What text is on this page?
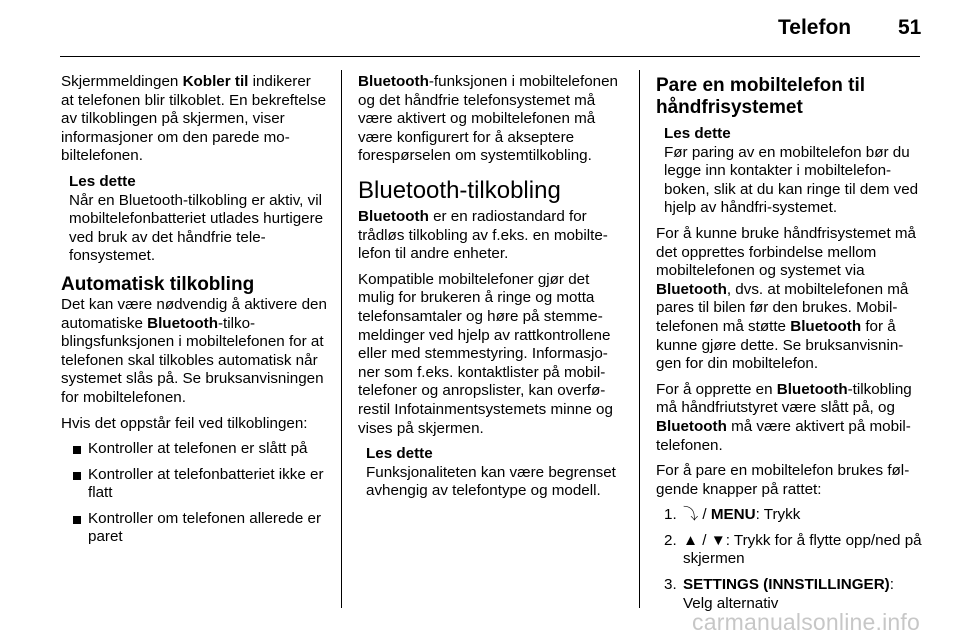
Telefon 51

Skjermmeldingen Kobler til indikerer at telefonen blir tilkoblet. En bekreftelse av tilkoblingen på skjermen, viser informasjoner om den parede mobiltelefonen.

Les dette
Når en Bluetooth-tilkobling er aktiv, vil mobiltelefonbatteriet utlades hurtigere ved bruk av det håndfrie telefonsystemet.
Automatisk tilkobling

Det kan være nødvendig å aktivere den automatiske Bluetooth-tilkoblingsfunksjonen i mobiltelefonen for at telefonen skal tilkobles automatisk når systemet slås på. Se bruksanvisningen for mobiltelefonen.

Hvis det oppstår feil ved tilkoblingen:

Kontroller at telefonen er slått på
Kontroller at telefonbatteriet ikke er flatt
Kontroller om telefonen allerede er paret

Bluetooth-funksjonen i mobiltelefonen og det håndfrie telefonsystemet må være aktivert og mobiltelefonen må være konfigurert for å akseptere forespørselen om systemtilkobling.

Bluetooth-tilkobling

Bluetooth er en radiostandard for trådløs tilkobling av f.eks. en mobiltelefon til andre enheter.

Kompatible mobiltelefoner gjør det mulig for brukeren å ringe og motta telefonsamtaler og høre på stemmemeldinger ved hjelp av rattkontrollene eller med stemmestyring. Informasjoner som f.eks. kontaktlister på mobiltelefoner og anropslister, kan overførestil Infotainmentsystemets minne og vises på skjermen.

Les dette
Funksjonaliteten kan være begrenset avhengig av telefontype og modell.
Pare en mobiltelefon til håndfrisystemet
Les dette
Før paring av en mobiltelefon bør du legge inn kontakter i mobiltelefonboken, slik at du kan ringe til dem ved hjelp av håndfri-systemet.

For å kunne bruke håndfrisystemet må det opprettes forbindelse mellom mobiltelefonen og systemet via Bluetooth, dvs. at mobiltelefonen må pares til bilen før den brukes. Mobiltelefonen må støtte Bluetooth for å kunne gjøre dette. Se bruksanvisningen for din mobiltelefon.

For å opprette en Bluetooth-tilkobling må håndfriutstyret være slått på, og Bluetooth må være aktivert på mobiltelefonen.

For å pare en mobiltelefon brukes følgende knapper på rattet:

1. ⤵ / MENU: Trykk
2. ▲ / ▼: Trykk for å flytte opp/ned på skjermen
3. SETTINGS (INNSTILLINGER): Velg alternativ
carmanualsonline.info
